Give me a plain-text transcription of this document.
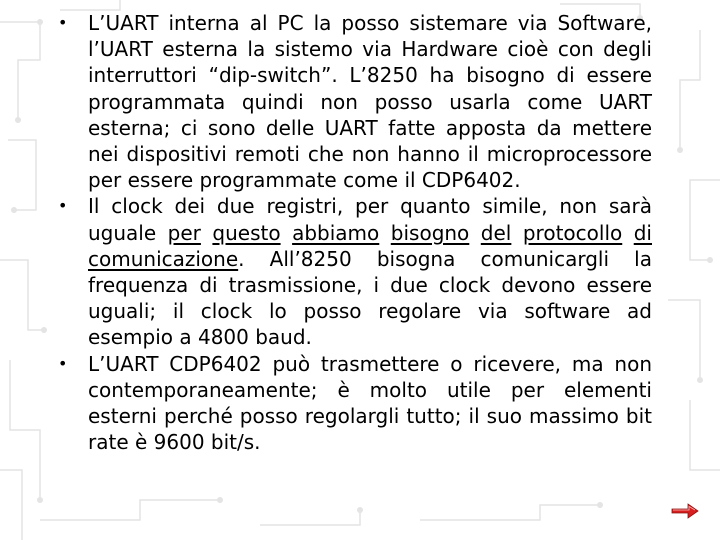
• L’UART interna al PC la posso sistemare via Software, l’UART esterna la sistemo via Hardware cioè con degli interruttori “dip-switch”. L’8250 ha bisogno di essere programmata quindi non posso usarla come UART esterna; ci sono delle UART fatte apposta da mettere nei dispositivi remoti che non hanno il microprocessore per essere programmate come il CDP6402.
• Il clock dei due registri, per quanto simile, non sarà uguale per questo abbiamo bisogno del protocollo di comunicazione. All’8250 bisogna comunicargli la frequenza di trasmissione, i due clock devono essere uguali; il clock lo posso regolare via software ad esempio a 4800 baud.
• L’UART CDP6402 può trasmettere o ricevere, ma non contemporaneamente; è molto utile per elementi esterni perché posso regolargli tutto; il suo massimo bit rate è 9600 bit/s.
